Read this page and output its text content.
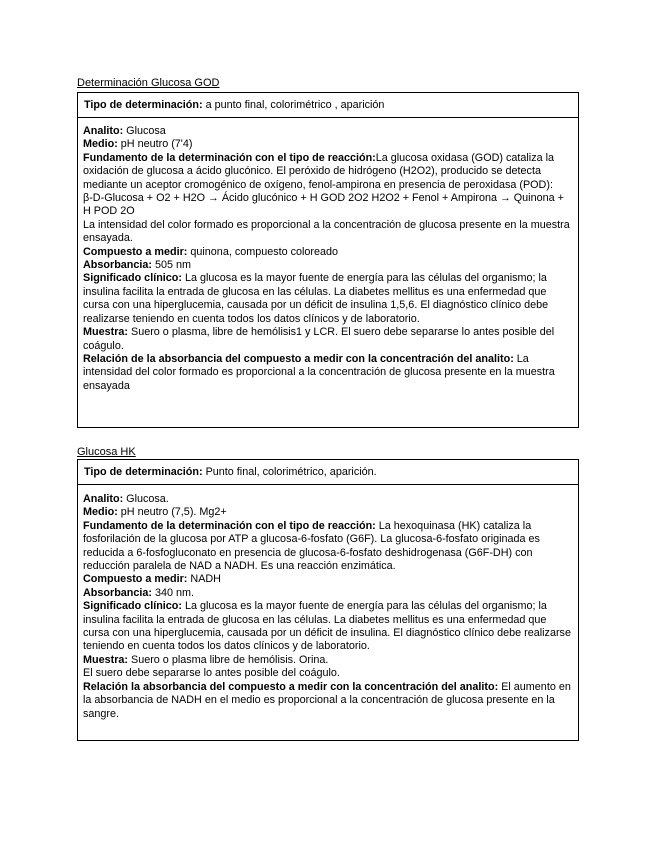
Determinación Glucosa GOD

Tipo de determinación: a punto final, colorimétrico , aparición

Analito: Glucosa

Medio: pH neutro (7'4)

Fundamento de la determinación con el tipo de reacción:La glucosa oxidasa (GOD) cataliza la oxidación de glucosa a ácido glucónico. El peróxido de hidrógeno (H2O2), producido se detecta mediante un aceptor cromogénico de oxígeno, fenol-ampirona en presencia de peroxidasa (POD):

β-D-Glucosa + O2 + H2O → Ácido glucónico + H GOD 2O2 H2O2 + Fenol + Ampirona → Quinona + H POD 2O

La intensidad del color formado es proporcional a la concentración de glucosa presente en la muestra ensayada.

Compuesto a medir: quinona, compuesto coloreado

Absorbancia: 505 nm

Significado clínico: La glucosa es la mayor fuente de energía para las células del organismo; la insulina facilita la entrada de glucosa en las células. La diabetes mellitus es una enfermedad que cursa con una hiperglucemia, causada por un déficit de insulina 1,5,6. El diagnóstico clínico debe realizarse teniendo en cuenta todos los datos clínicos y de laboratorio.

Muestra: Suero o plasma, libre de hemólisis1 y LCR. El suero debe separarse lo antes posible del coágulo.

Relación de la absorbancia del compuesto a medir con la concentración del analito: La intensidad del color formado es proporcional a la concentración de glucosa presente en la muestra ensayada

Glucosa HK

Tipo de determinación: Punto final, colorimétrico, aparición.

Analito: Glucosa.

Medio: pH neutro (7,5). Mg2+

Fundamento de la determinación con el tipo de reacción: La hexoquinasa (HK) cataliza la fosforilación de la glucosa por ATP a glucosa-6-fosfato (G6F). La glucosa-6-fosfato originada es reducida a 6-fosfogluconato en presencia de glucosa-6-fosfato deshidrogenasa (G6F-DH) con reducción paralela de NAD a NADH. Es una reacción enzimática.

Compuesto a medir: NADH

Absorbancia: 340 nm.

Significado clínico: La glucosa es la mayor fuente de energía para las células del organismo; la insulina facilita la entrada de glucosa en las células. La diabetes mellitus es una enfermedad que cursa con una hiperglucemia, causada por un déficit de insulina. El diagnóstico clínico debe realizarse teniendo en cuenta todos los datos clínicos y de laboratorio.

Muestra: Suero o plasma libre de hemólisis. Orina.

El suero debe separarse lo antes posible del coágulo.

Relación la absorbancia del compuesto a medir con la concentración del analito: El aumento en la absorbancia de NADH en el medio es proporcional a la concentración de glucosa presente en la sangre.
